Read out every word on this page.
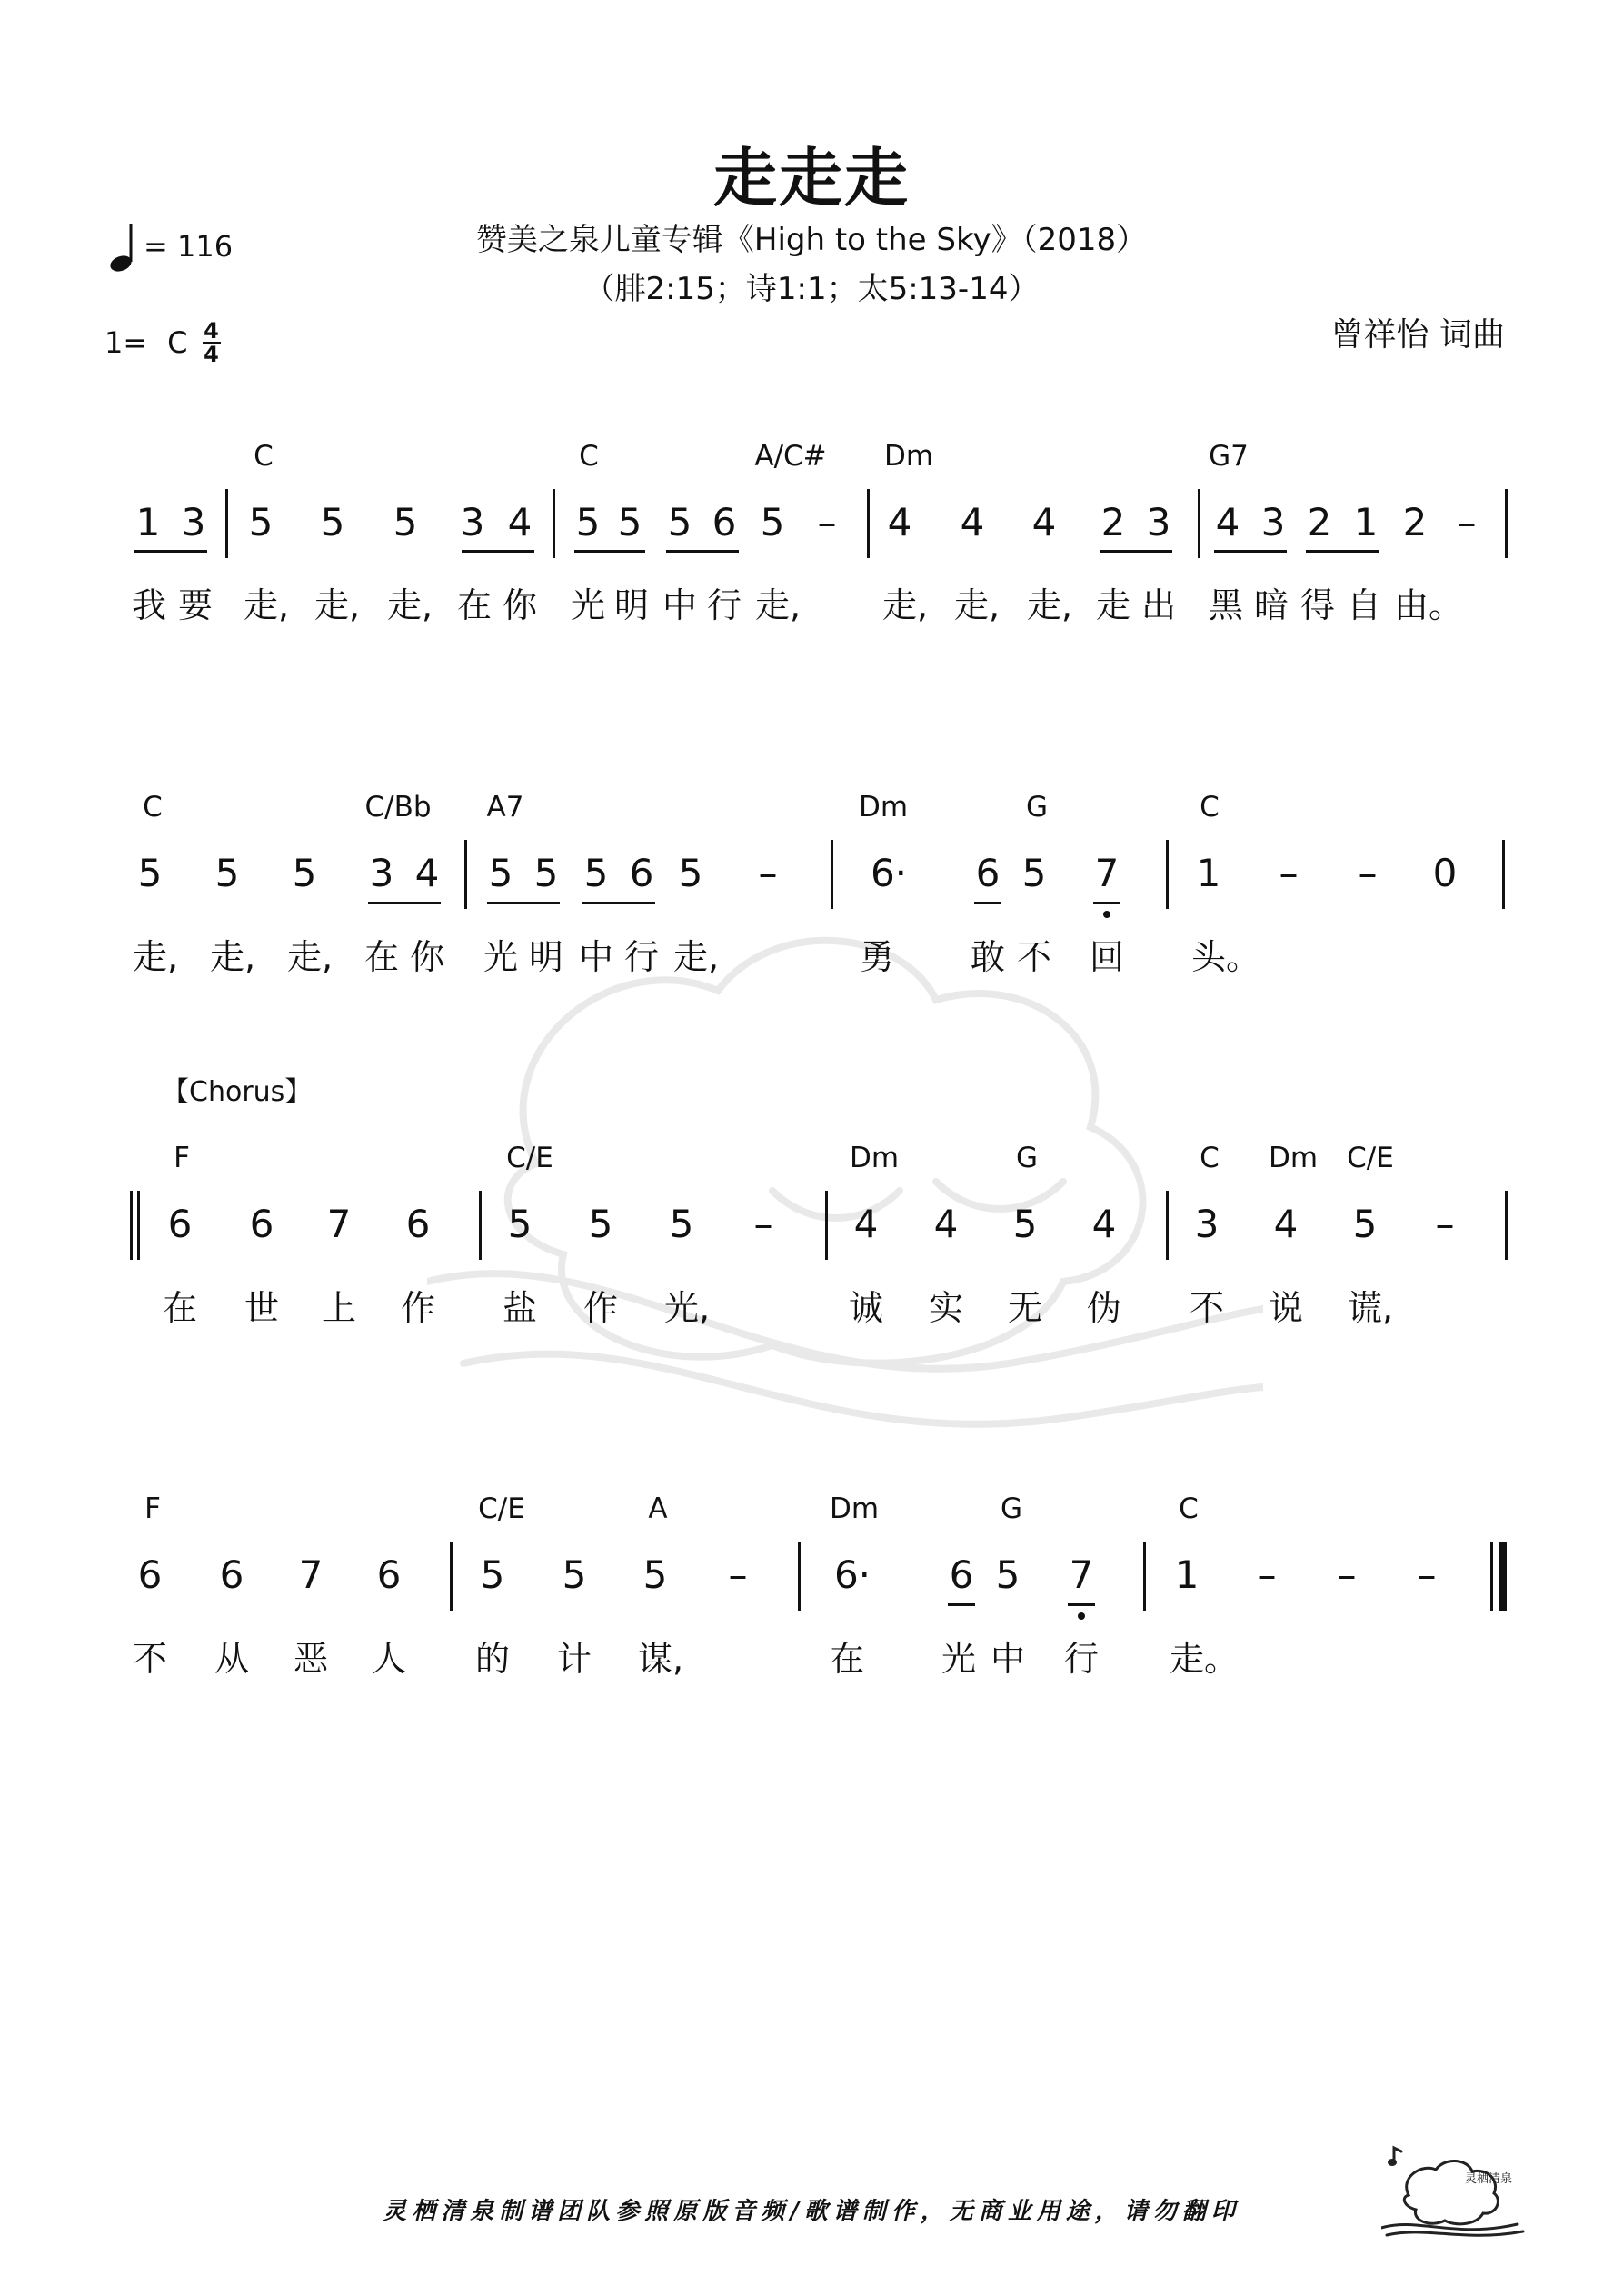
走走走
赞美之泉儿童专辑《High to the Sky》（2018）
（腓2:15；诗1:1；太5:13-14）
曾祥怡 词曲
= 116
1= C 4
4
C	C	A/C# Dm	G7
1 3 5 5 5 3 4 5 5 5 6 5 – 4 4 4 2 3 4 3 2 1 2 –
我 要 走, 走, 走, 在 你 光 明 中 行 走, 走, 走, 走, 走 出 黑 暗 得 自 由。
C	C/Bb A7	Dm	G	C
5 5 5 3 4 5 5 5 6 5 – 6· 6 5 7 1 – – 0
走, 走, 走, 在 你 光 明 中 行 走,	勇 敢 不 回 头。
【Chorus】
F	C/E	Dm	G	C Dm C/E
6 6 7 6 5 5 5 – 4 4 5 4 3 4 5 –
在 世 上 作 盐 作 光,	诚 实 无 伪 不 说 谎,
F	C/E	A	Dm	G	C
6 6 7 6 5 5 5 – 6· 6 5 7 1 – – –
不 从 恶 人 的 计 谋,	在 光 中 行 走。
灵栖清泉制谱团队参照原版音频/歌谱制作，无商业用途，请勿翻印
灵栖清泉
